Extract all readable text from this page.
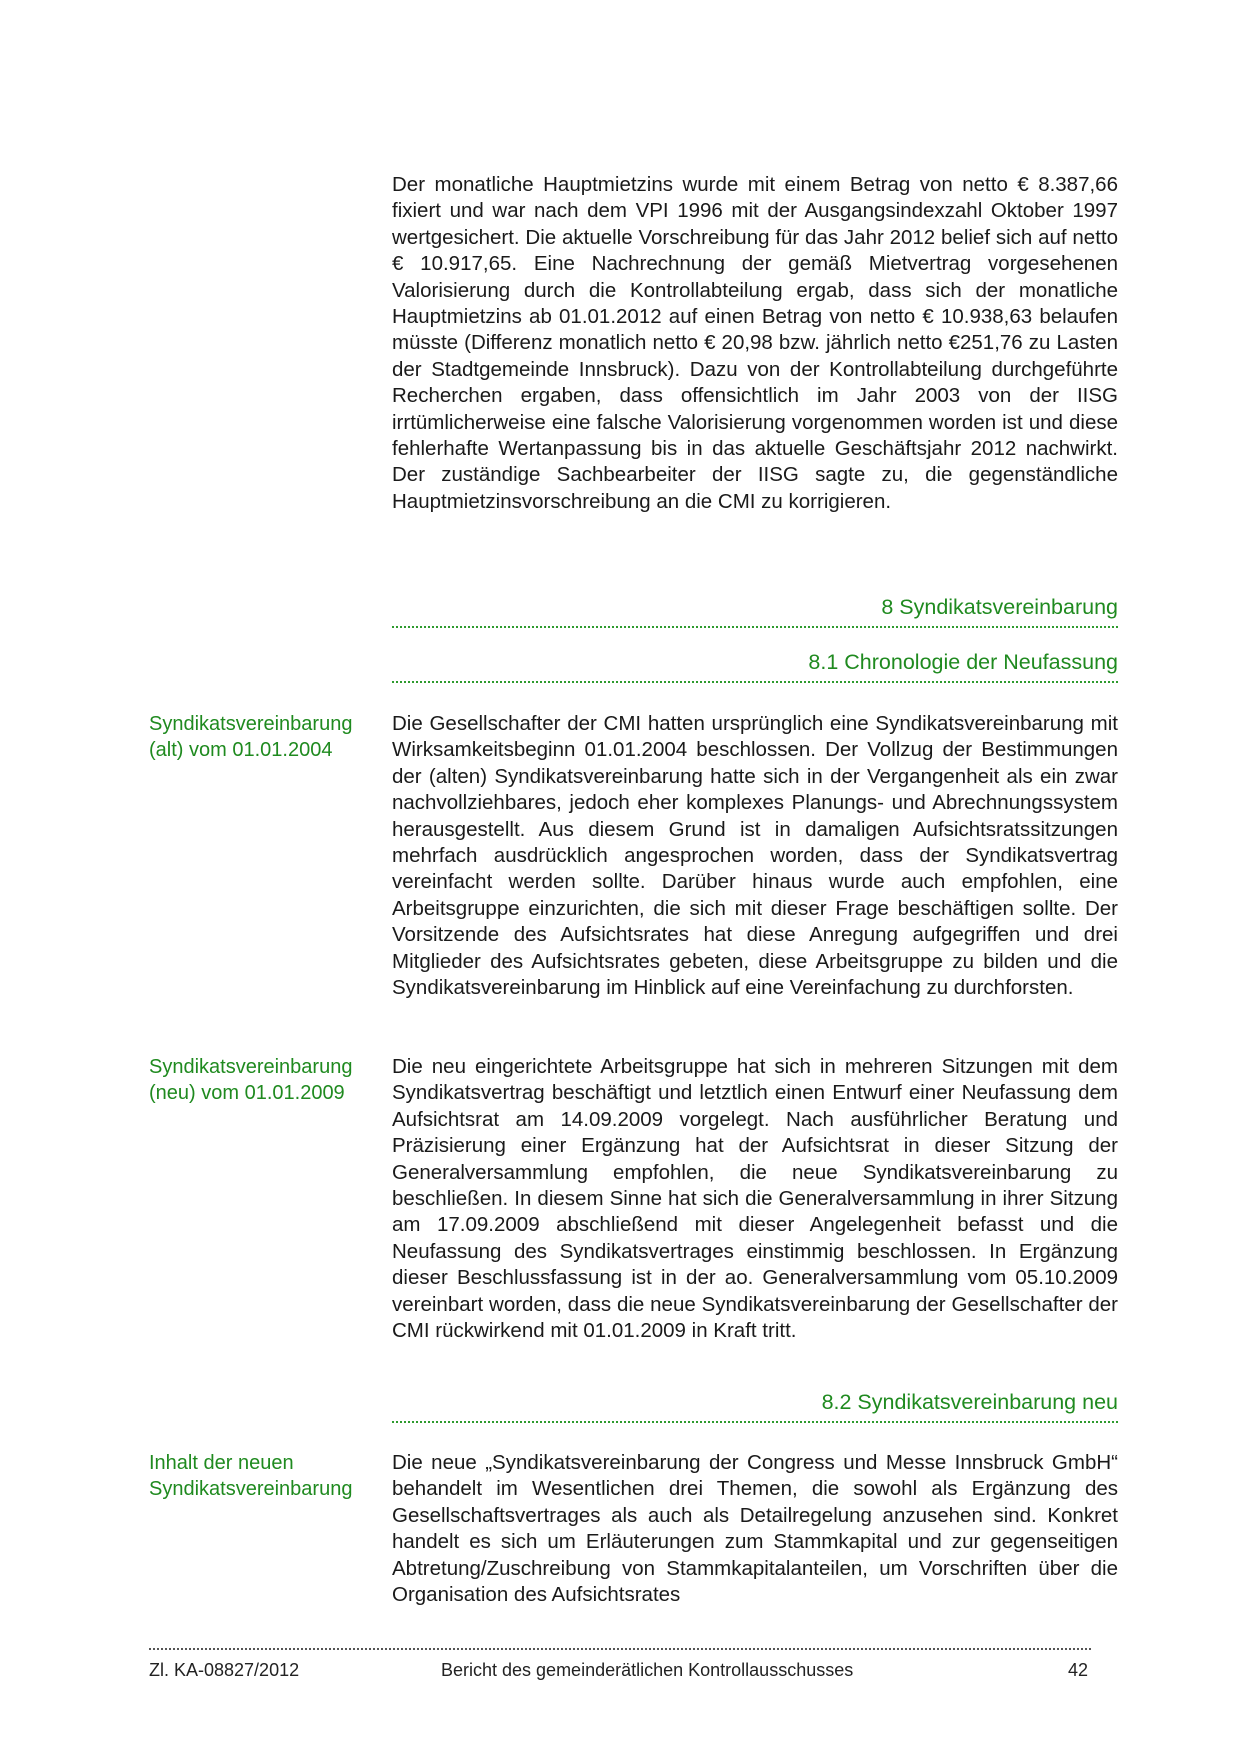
Der monatliche Hauptmietzins wurde mit einem Betrag von netto € 8.387,66 fixiert und war nach dem VPI 1996 mit der Ausgangsindexzahl Oktober 1997 wertgesichert. Die aktuelle Vorschreibung für das Jahr 2012 belief sich auf netto € 10.917,65. Eine Nachrechnung der gemäß Mietvertrag vorgesehenen Valorisierung durch die Kontrollabteilung ergab, dass sich der monatliche Hauptmietzins ab 01.01.2012 auf einen Betrag von netto € 10.938,63 belaufen müsste (Differenz monatlich netto € 20,98 bzw. jährlich netto €251,76 zu Lasten der Stadtgemeinde Innsbruck). Dazu von der Kontrollabteilung durchgeführte Recherchen ergaben, dass offensichtlich im Jahr 2003 von der IISG irrtümlicherweise eine falsche Valorisierung vorgenommen worden ist und diese fehlerhafte Wertanpassung bis in das aktuelle Geschäftsjahr 2012 nachwirkt. Der zuständige Sachbearbeiter der IISG sagte zu, die gegenständliche Hauptmietzinsvorschreibung an die CMI zu korrigieren.

8 Syndikatsvereinbarung
8.1 Chronologie der Neufassung
Syndikatsvereinbarung (alt) vom 01.01.2004

Die Gesellschafter der CMI hatten ursprünglich eine Syndikatsvereinbarung mit Wirksamkeitsbeginn 01.01.2004 beschlossen. Der Vollzug der Bestimmungen der (alten) Syndikatsvereinbarung hatte sich in der Vergangenheit als ein zwar nachvollziehbares, jedoch eher komplexes Planungs- und Abrechnungssystem herausgestellt. Aus diesem Grund ist in damaligen Aufsichtsratssitzungen mehrfach ausdrücklich angesprochen worden, dass der Syndikatsvertrag vereinfacht werden sollte. Darüber hinaus wurde auch empfohlen, eine Arbeitsgruppe einzurichten, die sich mit dieser Frage beschäftigen sollte. Der Vorsitzende des Aufsichtsrates hat diese Anregung aufgegriffen und drei Mitglieder des Aufsichtsrates gebeten, diese Arbeitsgruppe zu bilden und die Syndikatsvereinbarung im Hinblick auf eine Vereinfachung zu durchforsten.

Syndikatsvereinbarung (neu) vom 01.01.2009

Die neu eingerichtete Arbeitsgruppe hat sich in mehreren Sitzungen mit dem Syndikatsvertrag beschäftigt und letztlich einen Entwurf einer Neufassung dem Aufsichtsrat am 14.09.2009 vorgelegt. Nach ausführlicher Beratung und Präzisierung einer Ergänzung hat der Aufsichtsrat in dieser Sitzung der Generalversammlung empfohlen, die neue Syndikatsvereinbarung zu beschließen. In diesem Sinne hat sich die Generalversammlung in ihrer Sitzung am 17.09.2009 abschließend mit dieser Angelegenheit befasst und die Neufassung des Syndikatsvertrages einstimmig beschlossen. In Ergänzung dieser Beschlussfassung ist in der ao. Generalversammlung vom 05.10.2009 vereinbart worden, dass die neue Syndikatsvereinbarung der Gesellschafter der CMI rückwirkend mit 01.01.2009 in Kraft tritt.

8.2 Syndikatsvereinbarung neu
Inhalt der neuen Syndikatsvereinbarung

Die neue „Syndikatsvereinbarung der Congress und Messe Innsbruck GmbH“ behandelt im Wesentlichen drei Themen, die sowohl als Ergänzung des Gesellschaftsvertrages als auch als Detailregelung anzusehen sind. Konkret handelt es sich um Erläuterungen zum Stammkapital und zur gegenseitigen Abtretung/Zuschreibung von Stammkapitalanteilen, um Vorschriften über die Organisation des Aufsichtsrates

Zl. KA-08827/2012	Bericht des gemeinderätlichen Kontrollausschusses	42
